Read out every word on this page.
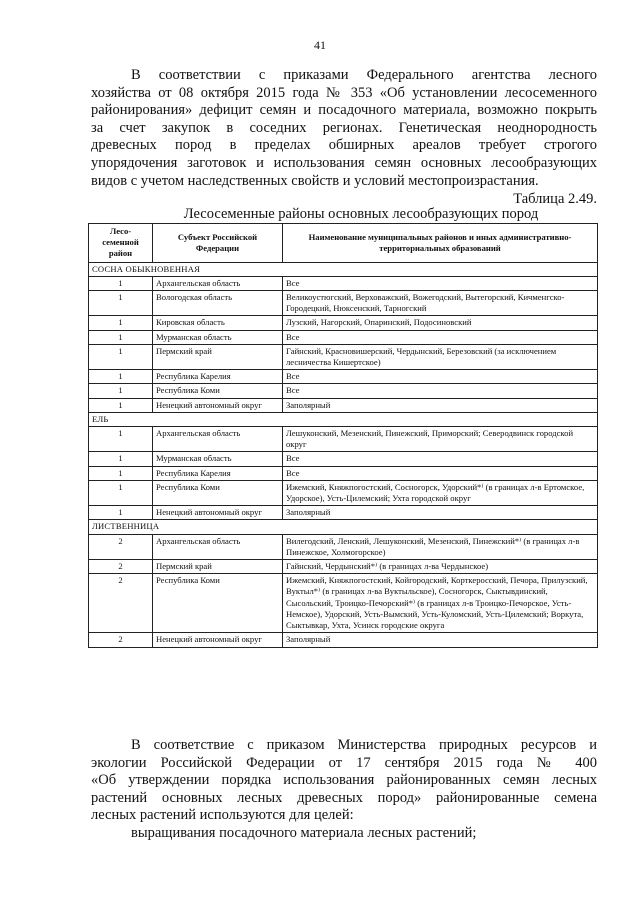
41
В соответствии с приказами Федерального агентства лесного
хозяйства от 08 октября 2015 года № 353 «Об установлении лесосеменного
районирования» дефицит семян и посадочного материала, возможно покрыть
за счет закупок в соседних регионах. Генетическая неоднородность
древесных пород в пределах обширных ареалов требует строгого
упорядочения заготовок и использования семян основных лесообразующих
видов с учетом наследственных свойств и условий местопроизрастания.
Таблица 2.49.
Лесосеменные районы основных лесообразующих пород
Лесо-семенной район	Субъект Российской Федерации	Наименование муниципальных районов и иных административно-территориальных образований
СОСНА ОБЫКНОВЕННАЯ		
1	Архангельская область	Все
1	Вологодская область	Великоустюгский, Верховажский, Вожегодский, Вытегорский, Кичменгско-Городецкий, Нюксенский, Тарногский
1	Кировская область	Лузский, Нагорский, Опаринский, Подосиновский
1	Мурманская область	Все
1	Пермский край	Гайнский, Красновишерский, Чердынский, Березовский (за исключением лесничества Кишертское)
1	Республика Карелия	Все
1	Республика Коми	Все
1	Ненецкий автономный округ	Заполярный
ЕЛЬ		
1	Архангельская область	Лешуконский, Мезенский, Пинежский, Приморский; Северодвинск городской округ
1	Мурманская область	Все
1	Республика Карелия	Все
1	Республика Коми	Ижемский, Княжпогостский, Сосногорск, Удорский*⁾ (в границах л-в Ертомское, Удорское), Усть-Цилемский; Ухта городской округ
1	Ненецкий автономный округ	Заполярный
ЛИСТВЕННИЦА		
2	Архангельская область	Вилегодский, Ленский, Лешуконский, Мезенский, Пинежский*⁾ (в границах л-в Пинежское, Холмогорское)
2	Пермский край	Гайнский, Чердынский*⁾ (в границах л-ва Чердынское)
2	Республика Коми	Ижемский, Княжпогостский, Койгородский, Корткеросский, Печора, Прилузский, Вуктыл*⁾ (в границах л-ва Вуктыльское), Сосногорск, Сыктывдинский, Сысольский, Троицко-Печорский*⁾ (в границах л-в Троицко-Печорское, Усть-Немское), Удорский, Усть-Вымский, Усть-Куломский, Усть-Цилемский; Воркута, Сыктывкар, Ухта, Усинск городские округа
2	Ненецкий автономный округ	Заполярный
В соответствие с приказом Министерства природных ресурсов и
экологии Российской Федерации от 17 сентября 2015 года № 400
«Об утверждении порядка использования районированных семян лесных
растений основных лесных древесных пород» районированные семена
лесных растений используются для целей:
выращивания посадочного материала лесных растений;
